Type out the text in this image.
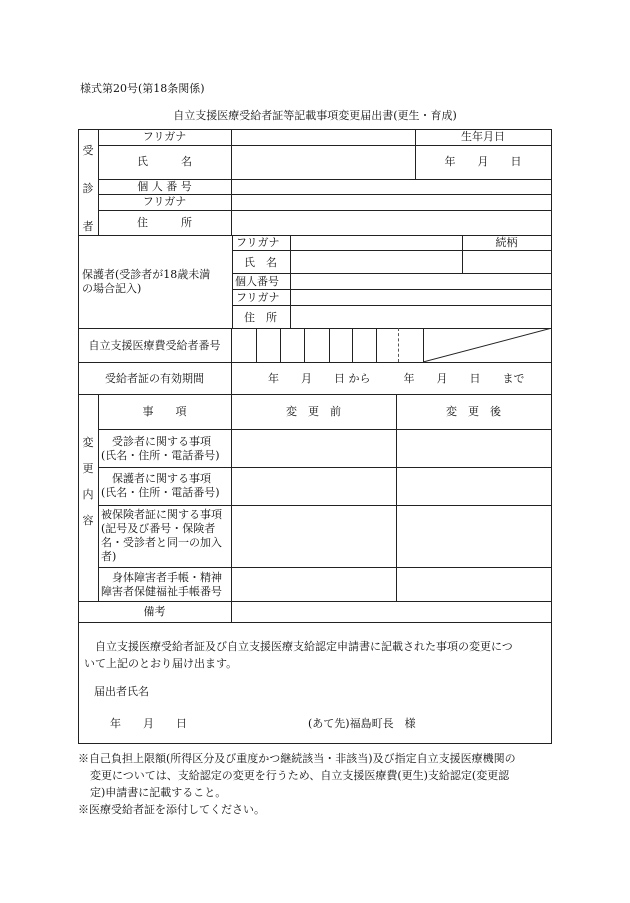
様式第20号(第18条関係)
自立支援医療受給者証等記載事項変更届出書(更生・育成)
受

診

者
フリガナ	生年月日
氏　　　名	年　　月　　日
個 人 番 号
フリガナ
住　　　所
保護者(受診者が18歳未満
の場合記入)
フリガナ	続柄
氏　名
個人番号
フリガナ
住　所
自立支援医療費受給者番号
受給者証の有効期間	年　　月　　日 から　　　年　　月　　日　　まで
変

更

内

容
事　　項	変　更　前	変　更　後
　受診者に関する事項
(氏名・住所・電話番号)
　保護者に関する事項
(氏名・住所・電話番号)
被保険者証に関する事項
(記号及び番号・保険者
名・受診者と同一の加入
者)
　身体障害者手帳・精神
障害者保健福祉手帳番号
備考
　自立支援医療受給者証及び自立支援医療支給認定申請書に記載された事項の変更につ
いて上記のとおり届け出ます。
届出者氏名
年　　月　　日	(あて先)福島町長　様
※自己負担上限額(所得区分及び重度かつ継続該当・非該当)及び指定自立支援医療機関の
変更については、支給認定の変更を行うため、自立支援医療費(更生)支給認定(変更認
定)申請書に記載すること。
※医療受給者証を添付してください。
